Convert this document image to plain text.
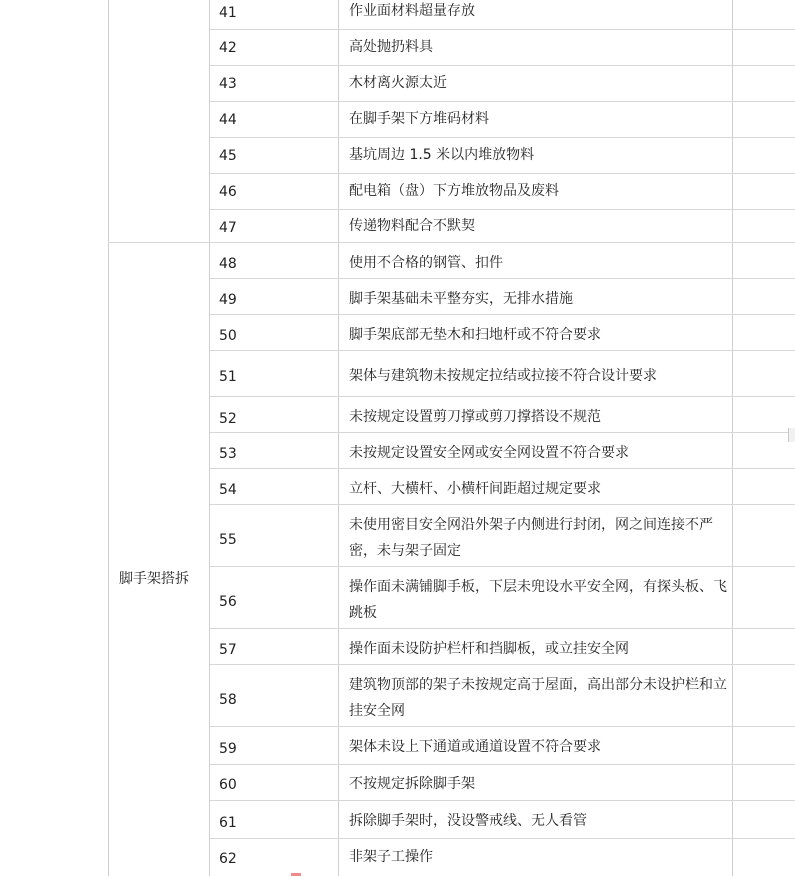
脚手架搭拆
41
42
43
44
45
46
47
48
49
50
51
52
53
54
55
56
57
58
59
60
61
62
作业面材料超量存放
高处抛扔料具
木材离火源太近
在脚手架下方堆码材料
基坑周边 1.5 米以内堆放物料
配电箱（盘）下方堆放物品及废料
传递物料配合不默契
使用不合格的钢管、扣件
脚手架基础未平整夯实，无排水措施
脚手架底部无垫木和扫地杆或不符合要求
架体与建筑物未按规定拉结或拉接不符合设计要求
未按规定设置剪刀撑或剪刀撑搭设不规范
未按规定设置安全网或安全网设置不符合要求
立杆、大横杆、小横杆间距超过规定要求
未使用密目安全网沿外架子内侧进行封闭，网之间连接不严密，未与架子固定
操作面未满铺脚手板，下层未兜设水平安全网，有探头板、飞跳板
操作面未设防护栏杆和挡脚板，或立挂安全网
建筑物顶部的架子未按规定高于屋面，高出部分未设护栏和立挂安全网
架体未设上下通道或通道设置不符合要求
不按规定拆除脚手架
拆除脚手架时，没设警戒线、无人看管
非架子工操作
